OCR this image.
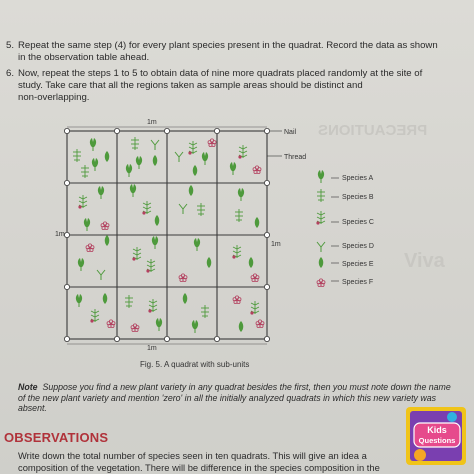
PRECAUTIONS
Viva
5. Repeat the same step (4) for every plant species present in the quadrat. Record the data as shown
in the observation table ahead.
6. Now, repeat the steps 1 to 5 to obtain data of nine more quadrats placed randomly at the site of
study. Take care that all the regions taken as sample areas should be distinct and
non-overlapping.
1m
1m
1m
1m
Nail
Thread
Species A
Species B
Species C
Species D
Species E
Species F
Fig. 5. A quadrat with sub-units
Note Suppose you find a new plant variety in any quadrat besides the first, then you must note down the name of the new plant variety and mention 'zero' in all the initially analyzed quadrats in which this new variety was absent.
OBSERVATIONS
Write down the total number of species seen in ten quadrats. This will give an idea a
composition of the vegetation. There will be difference in the species composition in the
Kids
Questions
